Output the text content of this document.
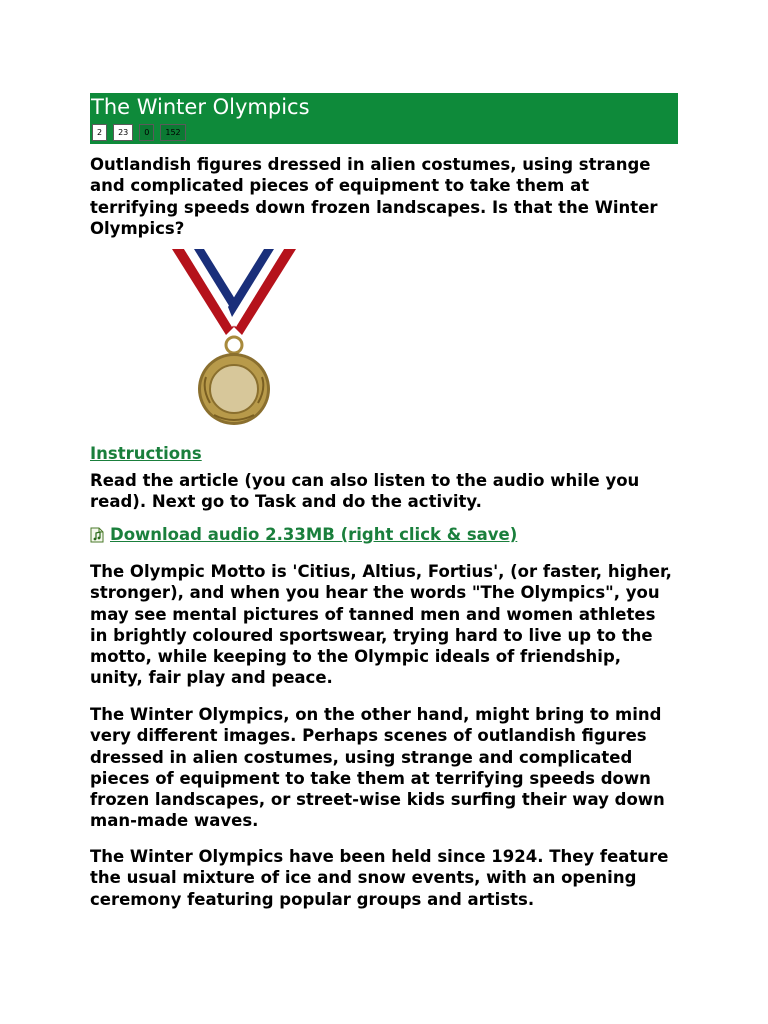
The Winter Olympics
2	23	0	152

Outlandish figures dressed in alien costumes, using strange and complicated pieces of equipment to take them at terrifying speeds down frozen landscapes. Is that the Winter Olympics?

Instructions

Read the article (you can also listen to the audio while you read). Next go to Task and do the activity.

Download audio 2.33MB (right click & save)

The Olympic Motto is 'Citius, Altius, Fortius', (or faster, higher, stronger), and when you hear the words "The Olympics", you may see mental pictures of tanned men and women athletes in brightly coloured sportswear, trying hard to live up to the motto, while keeping to the Olympic ideals of friendship, unity, fair play and peace.

The Winter Olympics, on the other hand, might bring to mind very different images. Perhaps scenes of outlandish figures dressed in alien costumes, using strange and complicated pieces of equipment to take them at terrifying speeds down frozen landscapes, or street-wise kids surfing their way down man-made waves.

The Winter Olympics have been held since 1924. They feature the usual mixture of ice and snow events, with an opening ceremony featuring popular groups and artists.
